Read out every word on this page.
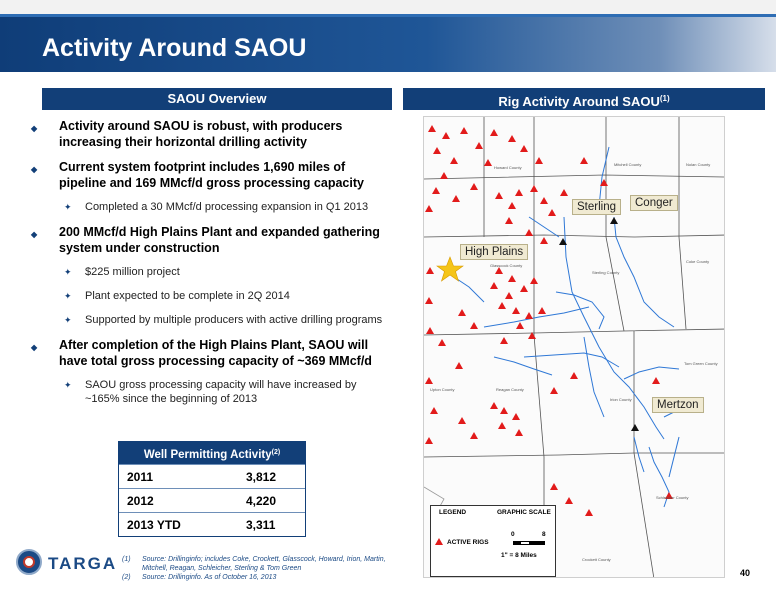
Activity Around SAOU
SAOU Overview	Rig Activity Around SAOU$^{(1)}$
◆ Activity around SAOU is robust, with producers increasing their horizontal drilling activity
◆ Current system footprint includes 1,690 miles of pipeline and 169 MMcf/d gross processing capacity
✦ Completed a 30 MMcf/d processing expansion in Q1 2013
◆ 200 MMcf/d High Plains Plant and expanded gathering system under construction
✦ $225 million project
✦ Plant expected to be complete in 2Q 2014
✦ Supported by multiple producers with active drilling programs
◆ After completion of the High Plains Plant, SAOU will have total gross processing capacity of ~369 MMcf/d
✦ SAOU gross processing capacity will have increased by ~165% since the beginning of 2013
Well Permitting Activity$^{(2)}$
2011	3,812
2012	4,220
2013 YTD	3,311
Sterling	Conger
High Plains
Mertzon
Howard County
Mitchell County	Nolan County
Glasscock County
Sterling County
Coke County
Reagan County
Irion County
Tom Green County
Crockett County
Schleicher County
Upton County
LEGEND	GRAPHIC SCALE
ACTIVE RIGS
0	8
1" = 8 Miles
TARGA (1) Source: Drillinginfo; includes Coke, Crockett, Glasscock, Howard, Irion, Martin, Mitchell, Reagan, Schleicher, Sterling & Tom Green
(2) Source: Drillinginfo. As of October 16, 2013	40
